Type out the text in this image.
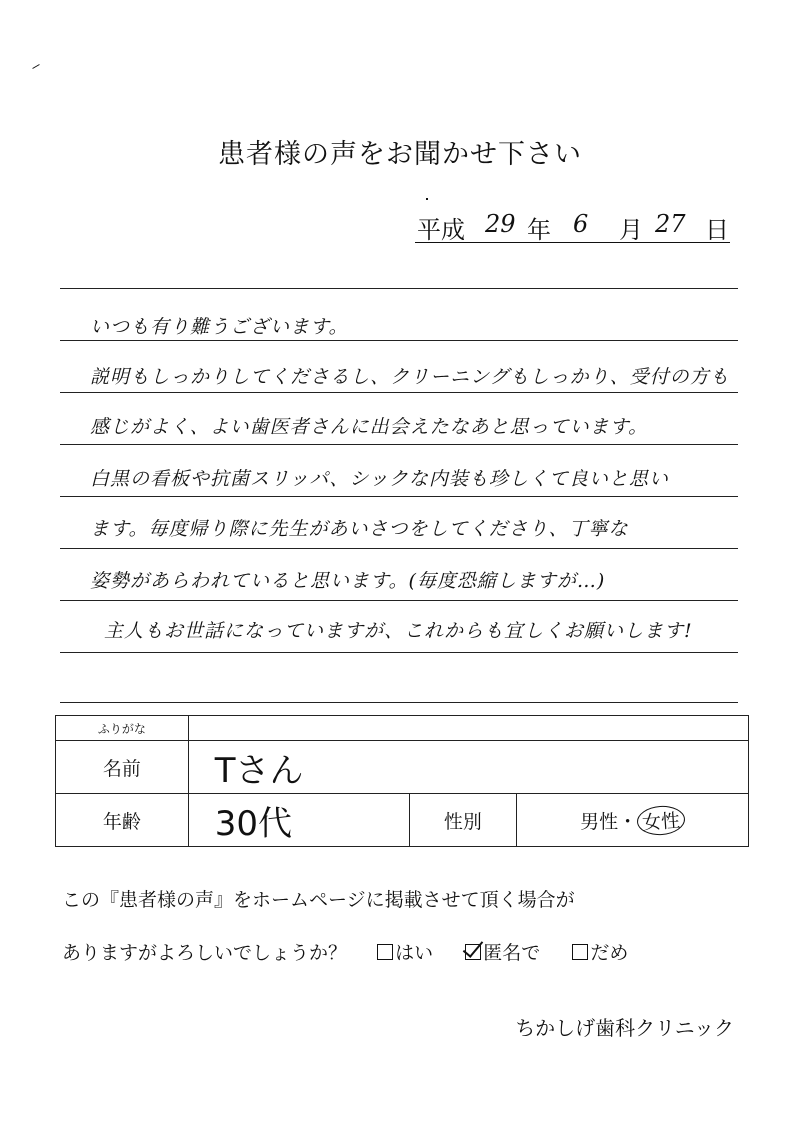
患者様の声をお聞かせ下さい
平成 29 年 6 月 27 日
いつも有り難うございます。
説明もしっかりしてくださるし、クリーニングもしっかり、受付の方も
感じがよく、よい歯医者さんに出会えたなあと思っています。
白黒の看板や抗菌スリッパ、シックな内装も珍しくて良いと思い
ます。毎度帰り際に先生があいさつをしてくださり、丁寧な
姿勢があらわれていると思います。(毎度恐縮しますが…)
主人もお世話になっていますが、これからも宜しくお願いします!
ふりがな			
名前	Tさん		
年齢	30代	性別	男性・ 女性
この『患者様の声』をホームページに掲載させて頂く場合が
ありますがよろしいでしょうか？	はい	匿名で	だめ
ちかしげ歯科クリニック
